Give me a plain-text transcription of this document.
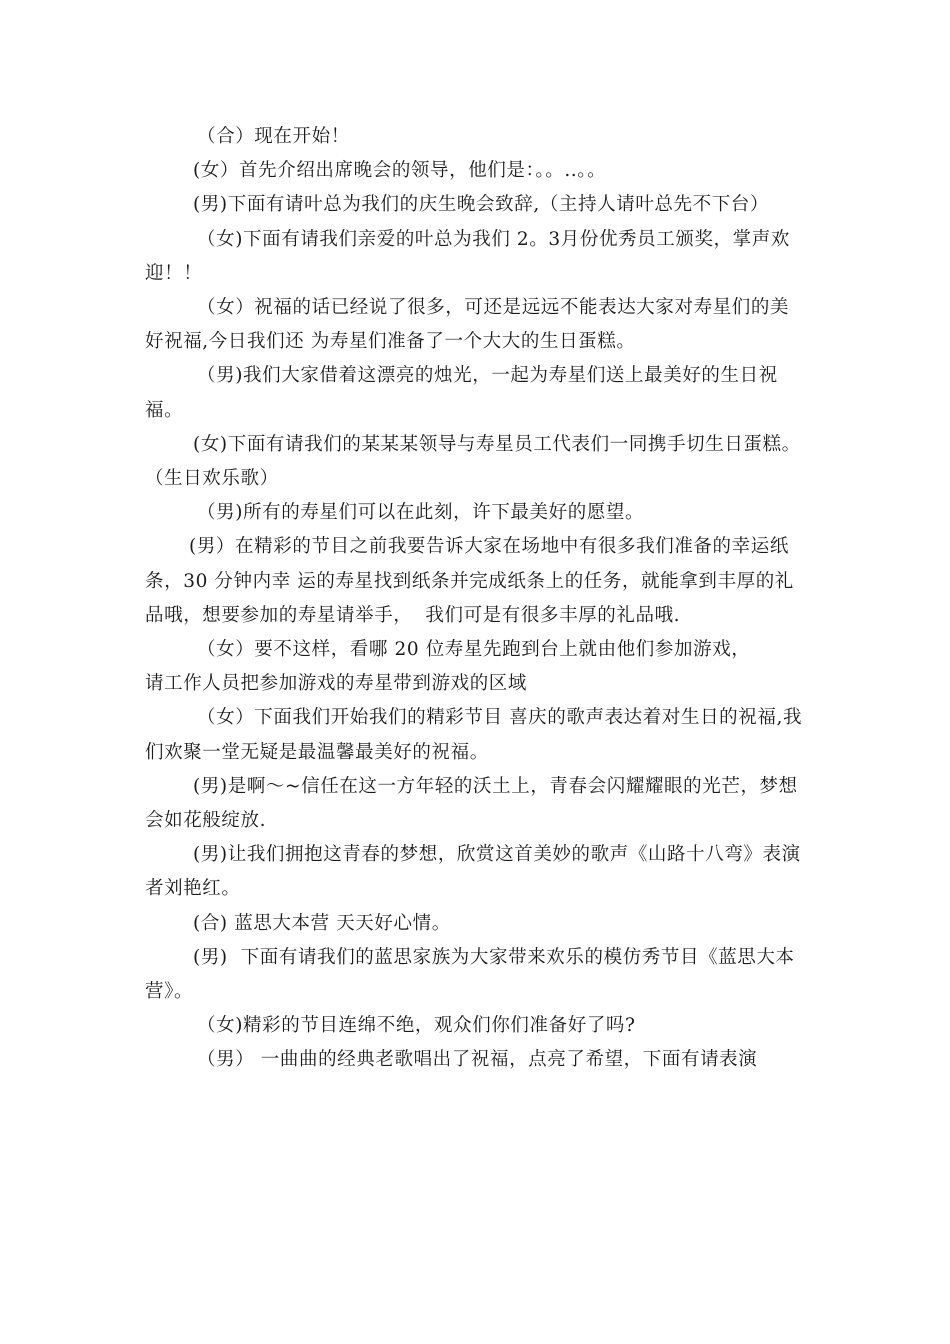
（合）现在开始！

(女）首先介绍出席晚会的领导，他们是：。。..。。

(男)下面有请叶总为我们的庆生晚会致辞,（主持人请叶总先不下台）

（女)下面有请我们亲爱的叶总为我们 2。3月份优秀员工颁奖，掌声欢迎！！

（女）祝福的话已经说了很多，可还是远远不能表达大家对寿星们的美好祝福,今日我们还 为寿星们准备了一个大大的生日蛋糕。

（男)我们大家借着这漂亮的烛光，一起为寿星们送上最美好的生日祝福。

(女)下面有请我们的某某某领导与寿星员工代表们一同携手切生日蛋糕。（生日欢乐歌）

（男)所有的寿星们可以在此刻，许下最美好的愿望。

(男）在精彩的节目之前我要告诉大家在场地中有很多我们准备的幸运纸条，30 分钟内幸 运的寿星找到纸条并完成纸条上的任务，就能拿到丰厚的礼品哦，想要参加的寿星请举手，  我们可是有很多丰厚的礼品哦.

（女）要不这样，看哪 20 位寿星先跑到台上就由他们参加游戏，

请工作人员把参加游戏的寿星带到游戏的区域

（女）下面我们开始我们的精彩节目 喜庆的歌声表达着对生日的祝福,我们欢聚一堂无疑是最温馨最美好的祝福。

(男)是啊～~信任在这一方年轻的沃土上，青春会闪耀耀眼的光芒，梦想会如花般绽放.

(男)让我们拥抱这青春的梦想，欣赏这首美妙的歌声《山路十八弯》表演者刘艳红。

(合) 蓝思大本营 天天好心情。

(男)  下面有请我们的蓝思家族为大家带来欢乐的模仿秀节目《蓝思大本营》。

（女)精彩的节目连绵不绝，观众们你们准备好了吗?

（男） 一曲曲的经典老歌唱出了祝福，点亮了希望，下面有请表演
